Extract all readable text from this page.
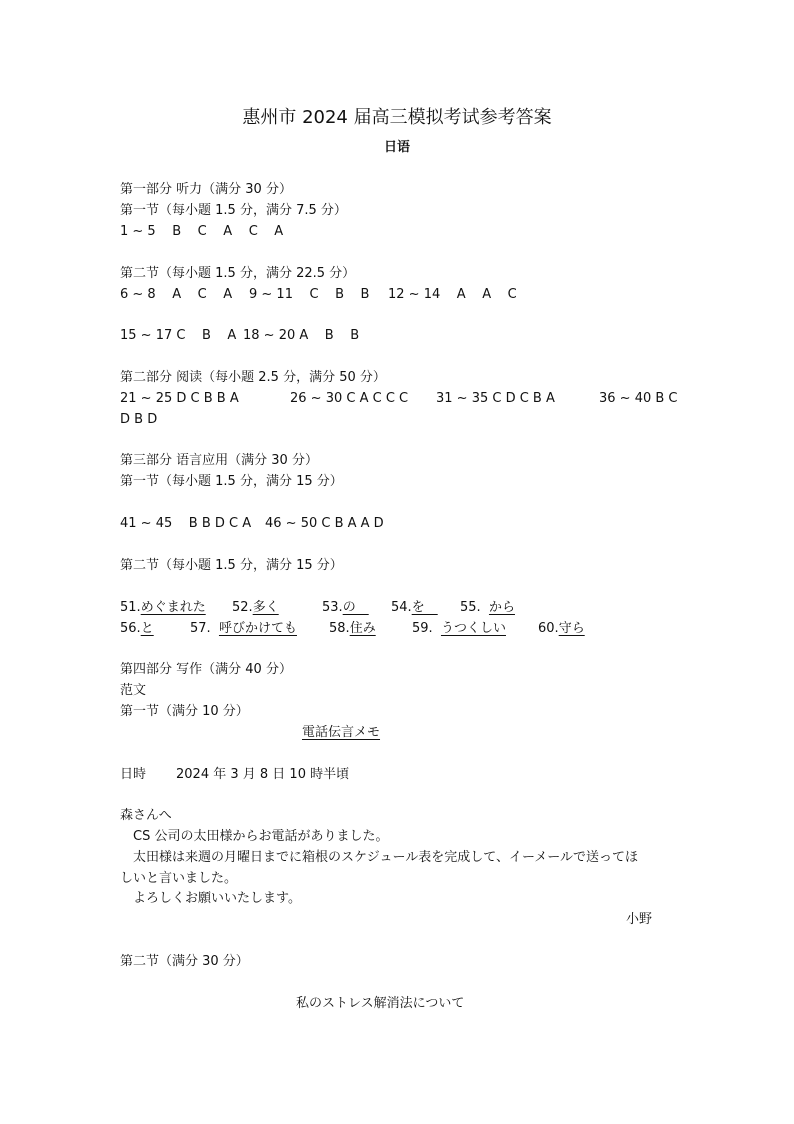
惠州市 2024 届高三模拟考试参考答案
日语
第一部分 听力（满分 30 分）
第一节（每小题 1.5 分，满分 7.5 分）
1 ~ 5    B    C    A    C    A
第二节（每小题 1.5 分，满分 22.5 分）
6 ~ 8    A    C    A 9 ~ 11    C    B    B 12 ~ 14    A    A    C
15 ~ 17 C    B    A 18 ~ 20 A    B    B
第二部分 阅读（每小题 2.5 分，满分 50 分）
21 ~ 25 D C B B A	26 ~ 30 C A C C C 31 ~ 35 C D C B A	36 ~ 40 B C
D B D
第三部分 语言应用（满分 30 分）
第一节（每小题 1.5 分，满分 15 分）
41 ~ 45    B B D C A 46 ~ 50 C B A A D
第二节（每小题 1.5 分，满分 15 分）
51.めぐまれた 52.多く	53.の　 54.を　 55.  から
56.と	57.  呼びかけても 58.住み	59.  うつくしい 60.守ら
第四部分 写作（满分 40 分）
范文
第一节（满分 10 分）
電話伝言メモ
日時 2024 年 3 月 8 日 10 時半頃
森さんへ
　CS 公司の太田様からお電話がありました。
　太田様は来週の月曜日までに箱根のスケジュール表を完成して、イーメールで送ってほ
しいと言いました。
　よろしくお願いいたします。
小野
第二节（满分 30 分）
私のストレス解消法について
